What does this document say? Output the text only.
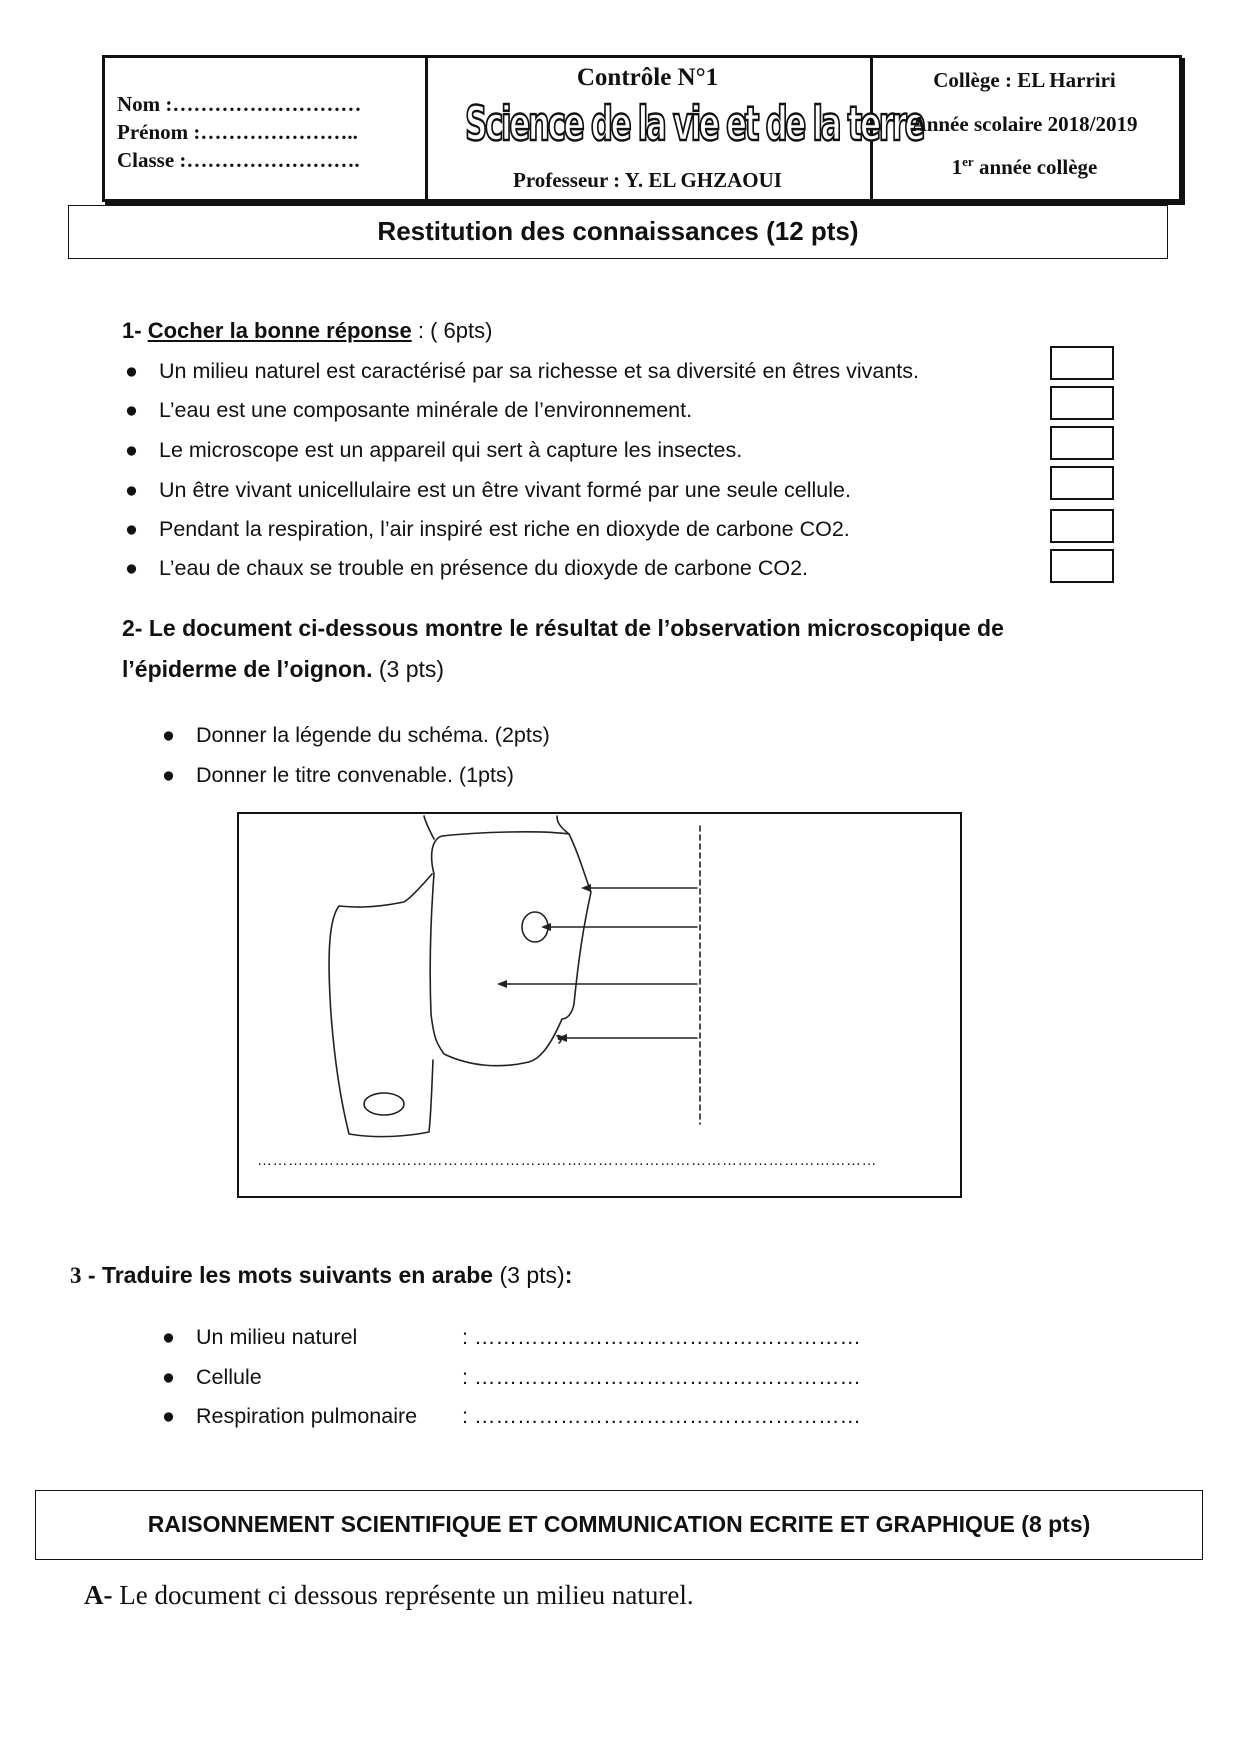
Nom :………………………
Prénom :…………………..
Classe :…………………….
Contrôle N°1
Science de la vie et de la terre
Professeur : Y. EL GHZAOUI
Collège : EL Harriri
Année scolaire 2018/2019
1er année collège
Restitution des connaissances (12 pts)
1- Cocher la bonne réponse : ( 6pts)
● Un milieu naturel est caractérisé par sa richesse et sa diversité en êtres vivants.
● L’eau est une composante minérale de l’environnement.
● Le microscope est un appareil qui sert à capture les insectes.
● Un être vivant unicellulaire est un être vivant formé par une seule cellule.
● Pendant la respiration, l’air inspiré est riche en dioxyde de carbone CO2.
● L’eau de chaux se trouble en présence du dioxyde de carbone CO2.
2- Le document ci-dessous montre le résultat de l’observation microscopique de
l’épiderme de l’oignon. (3 pts)
● Donner la légende du schéma. (2pts)
● Donner le titre convenable. (1pts)
…………………………………………………………………………………………………………
3 - Traduire les mots suivants en arabe (3 pts):
● Un milieu naturel	: ………………………………………………
● Cellule	: ………………………………………………
● Respiration pulmonaire : ………………………………………………
RAISONNEMENT SCIENTIFIQUE ET COMMUNICATION ECRITE ET GRAPHIQUE (8 pts)
A- Le document ci dessous représente un milieu naturel.
